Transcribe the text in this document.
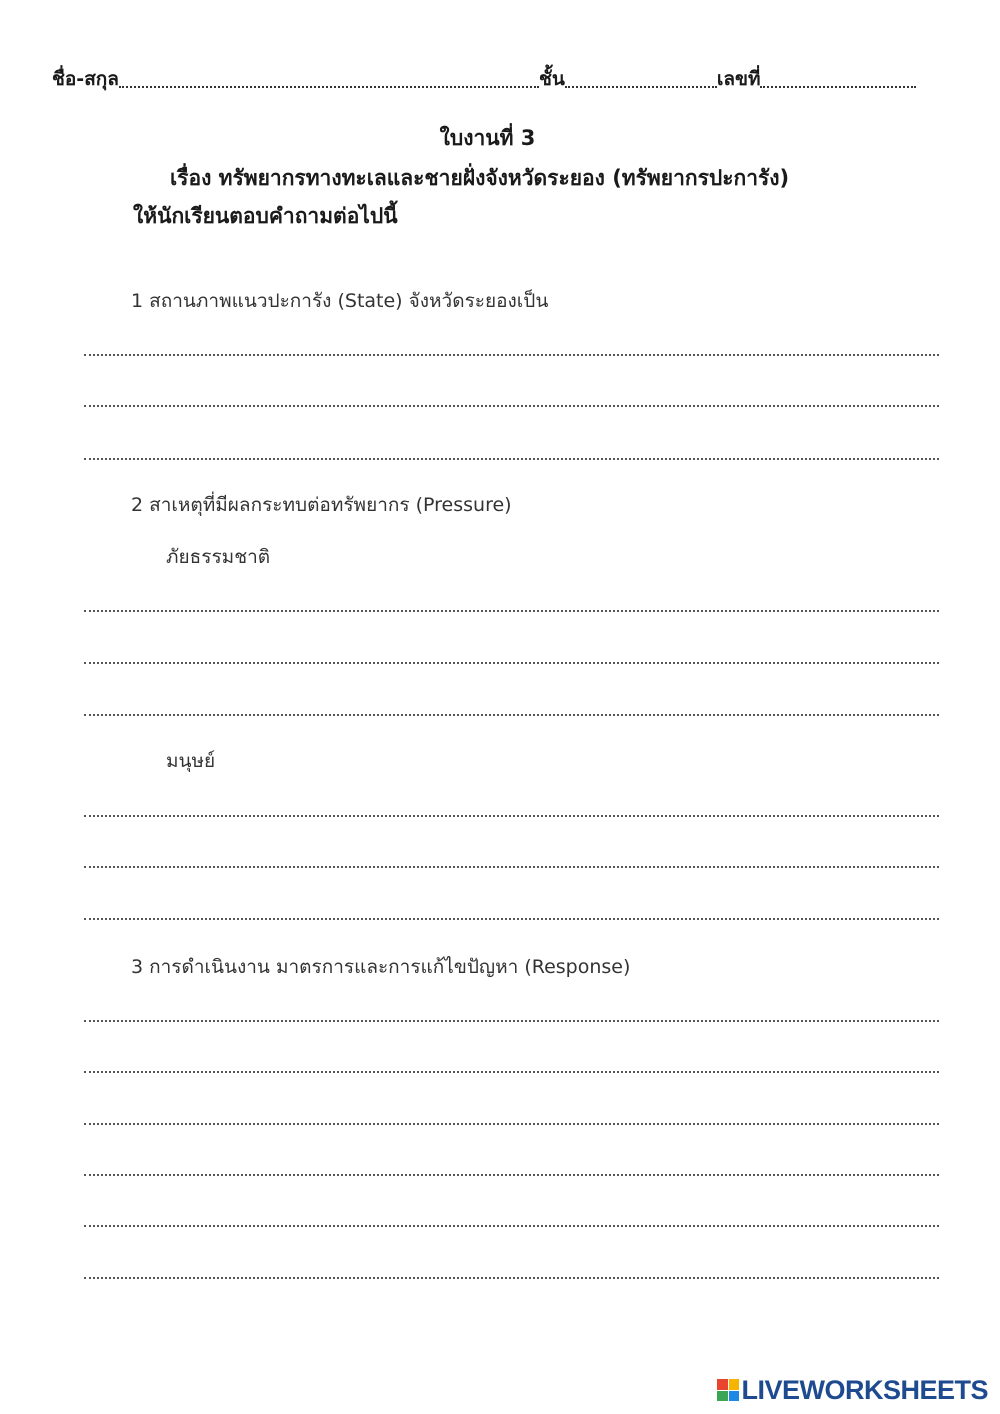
ชื่อ-สกุล	ชั้น	เลขที่
ใบงานที่ 3
เรื่อง ทรัพยากรทางทะเลและชายฝั่งจังหวัดระยอง (ทรัพยากรปะการัง)
ให้นักเรียนตอบคำถามต่อไปนี้
1 สถานภาพแนวปะการัง (State) จังหวัดระยองเป็น
2 สาเหตุที่มีผลกระทบต่อทรัพยากร (Pressure)
ภัยธรรมชาติ
มนุษย์
3 การดำเนินงาน มาตรการและการแก้ไขปัญหา (Response)
LIVEWORKSHEETS
